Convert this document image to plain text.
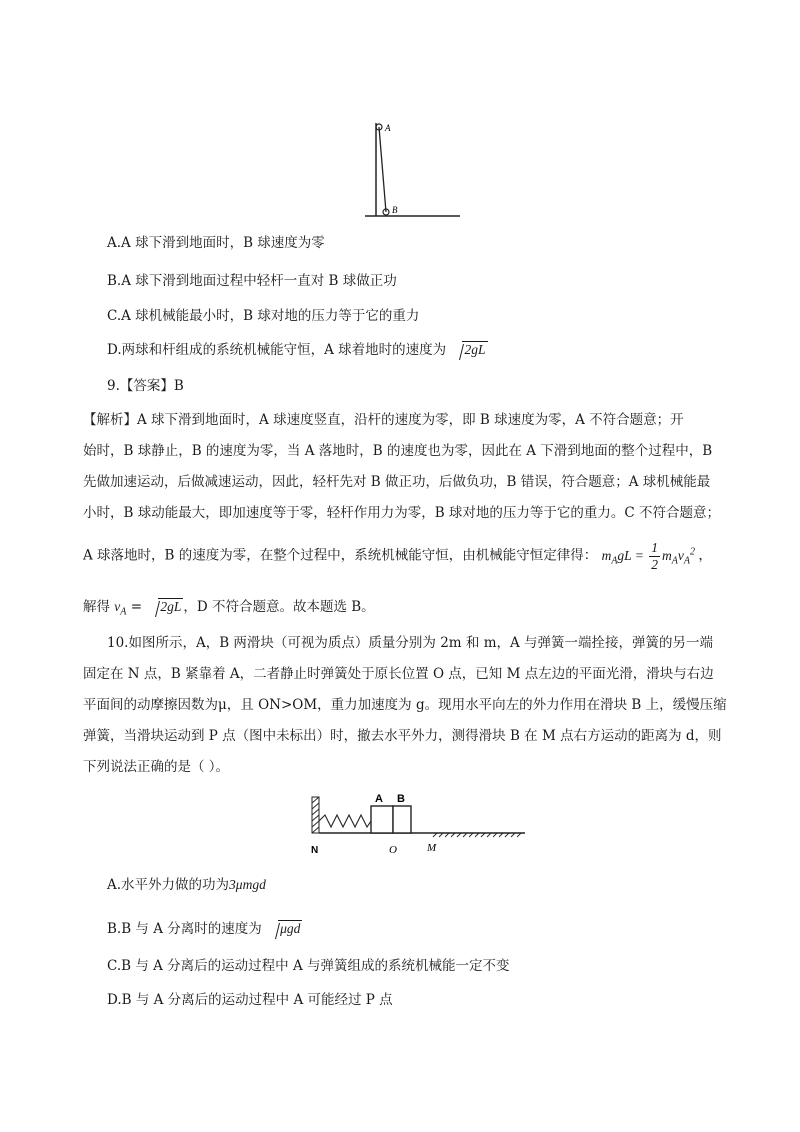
A
B
A.A 球下滑到地面时，B 球速度为零
B.A 球下滑到地面过程中轻杆一直对 B 球做正功
C.A 球机械能最小时，B 球对地的压力等于它的重力
D.两球和杆组成的系统机械能守恒，A 球着地时的速度为 2gL
9.【答案】B
【解析】A 球下滑到地面时，A 球速度竖直，沿杆的速度为零，即 B 球速度为零，A 不符合题意；开
始时，B 球静止，B 的速度为零，当 A 落地时，B 的速度也为零，因此在 A 下滑到地面的整个过程中，B
先做加速运动，后做减速运动，因此，轻杆先对 B 做正功，后做负功，B 错误，符合题意；A 球机械能最
小时，B 球动能最大，即加速度等于零，轻杆作用力为零，B 球对地的压力等于它的重力。C 不符合题意；
A 球落地时，B 的速度为零，在整个过程中，系统机械能守恒，由机械能守恒定律得： $m_AgL = \frac{1}{2} m_Av_A^2$ ，
解得 $v_A = 2gL$ ，D 不符合题意。故本题选 B。
10.如图所示，A，B 两滑块（可视为质点）质量分别为 2m 和 m，A 与弹簧一端拴接，弹簧的另一端
固定在 N 点，B 紧靠着 A，二者静止时弹簧处于原长位置 O 点，已知 M 点左边的平面光滑，滑块与右边
平面间的动摩擦因数为μ，且 ON>OM，重力加速度为 g。现用水平向左的外力作用在滑块 B 上，缓慢压缩
弹簧，当滑块运动到 P 点（图中未标出）时，撤去水平外力，测得滑块 B 在 M 点右方运动的距离为 d，则
下列说法正确的是（ ）。
A B
N	O	M
A.水平外力做的功为3μmgd
B.B 与 A 分离时的速度为 μgd
C.B 与 A 分离后的运动过程中 A 与弹簧组成的系统机械能一定不变
D.B 与 A 分离后的运动过程中 A 可能经过 P 点
